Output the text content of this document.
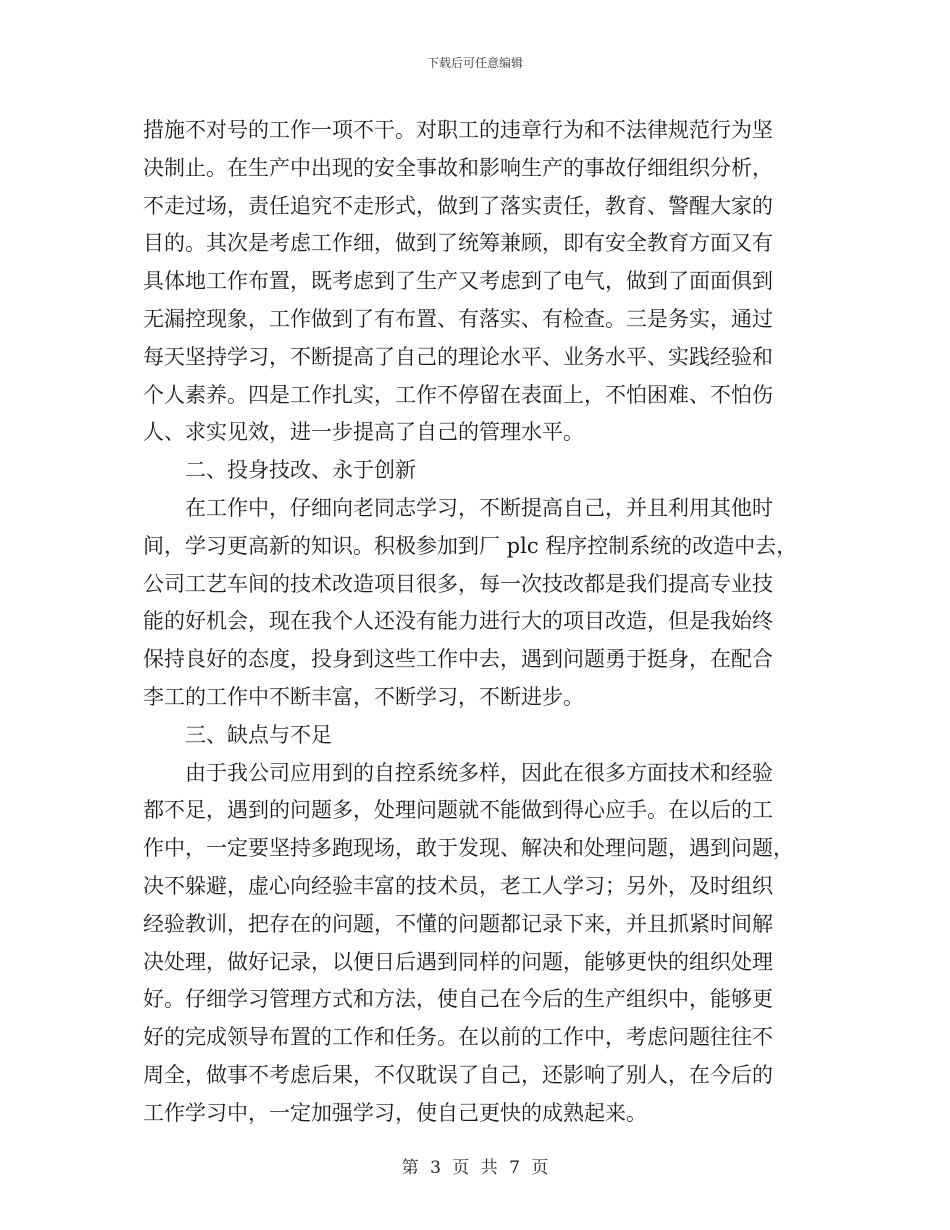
下载后可任意编辑
措施不对号的工作一项不干。对职工的违章行为和不法律规范行为坚
决制止。在生产中出现的安全事故和影响生产的事故仔细组织分析，
不走过场，责任追究不走形式，做到了落实责任，教育、警醒大家的
目的。其次是考虑工作细，做到了统筹兼顾，即有安全教育方面又有
具体地工作布置，既考虑到了生产又考虑到了电气，做到了面面俱到
无漏控现象，工作做到了有布置、有落实、有检查。三是务实，通过
每天坚持学习，不断提高了自己的理论水平、业务水平、实践经验和
个人素养。四是工作扎实，工作不停留在表面上，不怕困难、不怕伤
人、求实见效，进一步提高了自己的管理水平。
二、投身技改、永于创新
在工作中，仔细向老同志学习，不断提高自己，并且利用其他时
间，学习更高新的知识。积极参加到厂 plc 程序控制系统的改造中去，
公司工艺车间的技术改造项目很多，每一次技改都是我们提高专业技
能的好机会，现在我个人还没有能力进行大的项目改造，但是我始终
保持良好的态度，投身到这些工作中去，遇到问题勇于挺身，在配合
李工的工作中不断丰富，不断学习，不断进步。
三、缺点与不足
由于我公司应用到的自控系统多样，因此在很多方面技术和经验
都不足，遇到的问题多，处理问题就不能做到得心应手。在以后的工
作中，一定要坚持多跑现场，敢于发现、解决和处理问题，遇到问题，
决不躲避，虚心向经验丰富的技术员，老工人学习；另外，及时组织
经验教训，把存在的问题，不懂的问题都记录下来，并且抓紧时间解
决处理，做好记录，以便日后遇到同样的问题，能够更快的组织处理
好。仔细学习管理方式和方法，使自己在今后的生产组织中，能够更
好的完成领导布置的工作和任务。在以前的工作中，考虑问题往往不
周全，做事不考虑后果，不仅耽误了自己，还影响了别人，在今后的
工作学习中，一定加强学习，使自己更快的成熟起来。
第 3 页 共 7 页
